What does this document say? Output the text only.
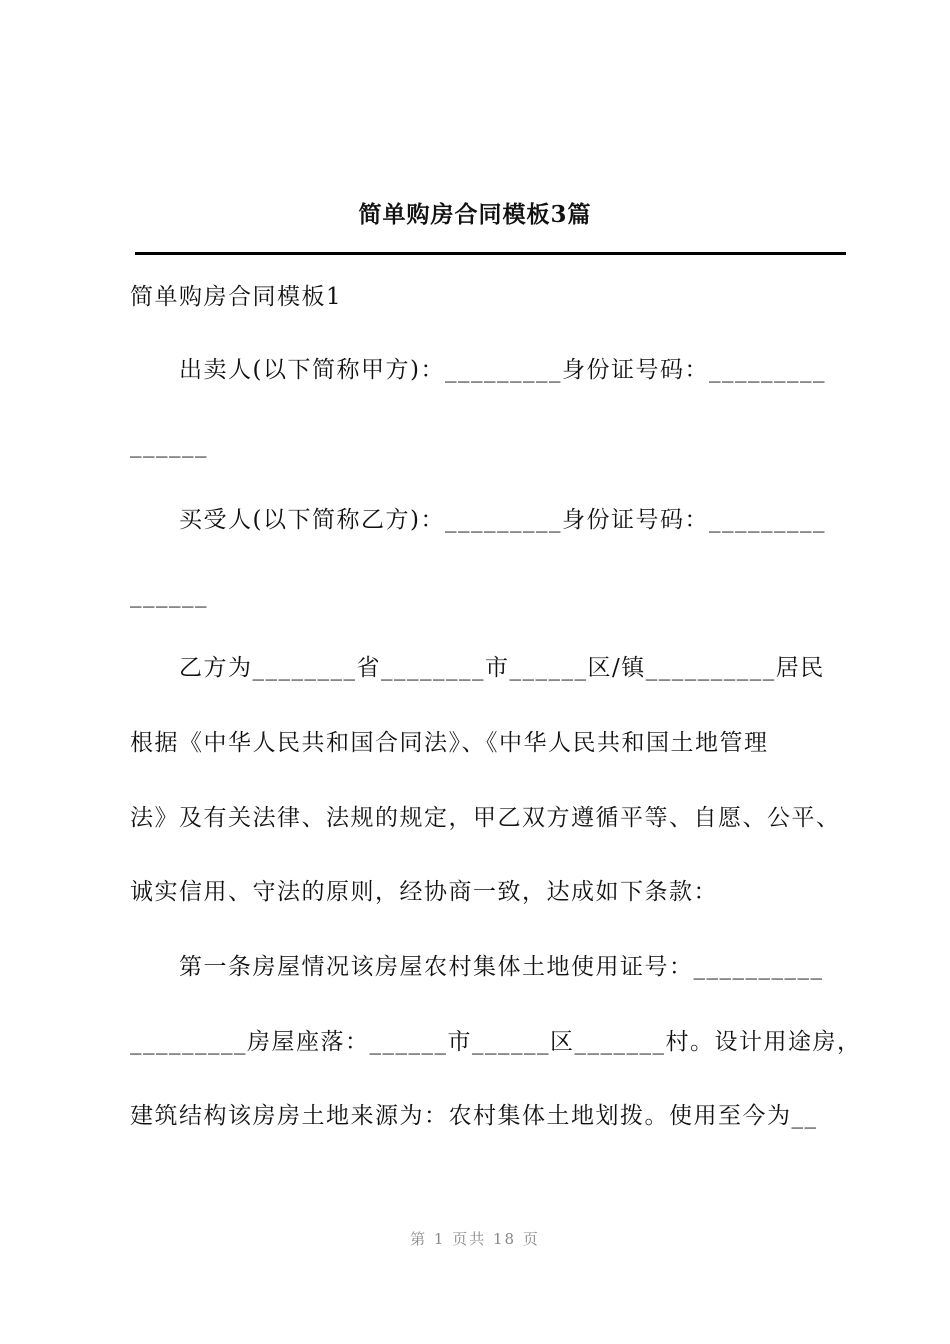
简单购房合同模板3篇
简单购房合同模板1
　　出卖人(以下简称甲方)：_________身份证号码：_________
______
　　买受人(以下简称乙方)：_________身份证号码：_________
______
　　乙方为________省________市______区/镇__________居民
根据《中华人民共和国合同法》、《中华人民共和国土地管理
法》及有关法律、法规的规定，甲乙双方遵循平等、自愿、公平、
诚实信用、守法的原则，经协商一致，达成如下条款：
　　第一条房屋情况该房屋农村集体土地使用证号：__________
_________房屋座落：______市______区_______村。设计用途房，
建筑结构该房房土地来源为：农村集体土地划拨。使用至今为__
第 1 页共 18 页
